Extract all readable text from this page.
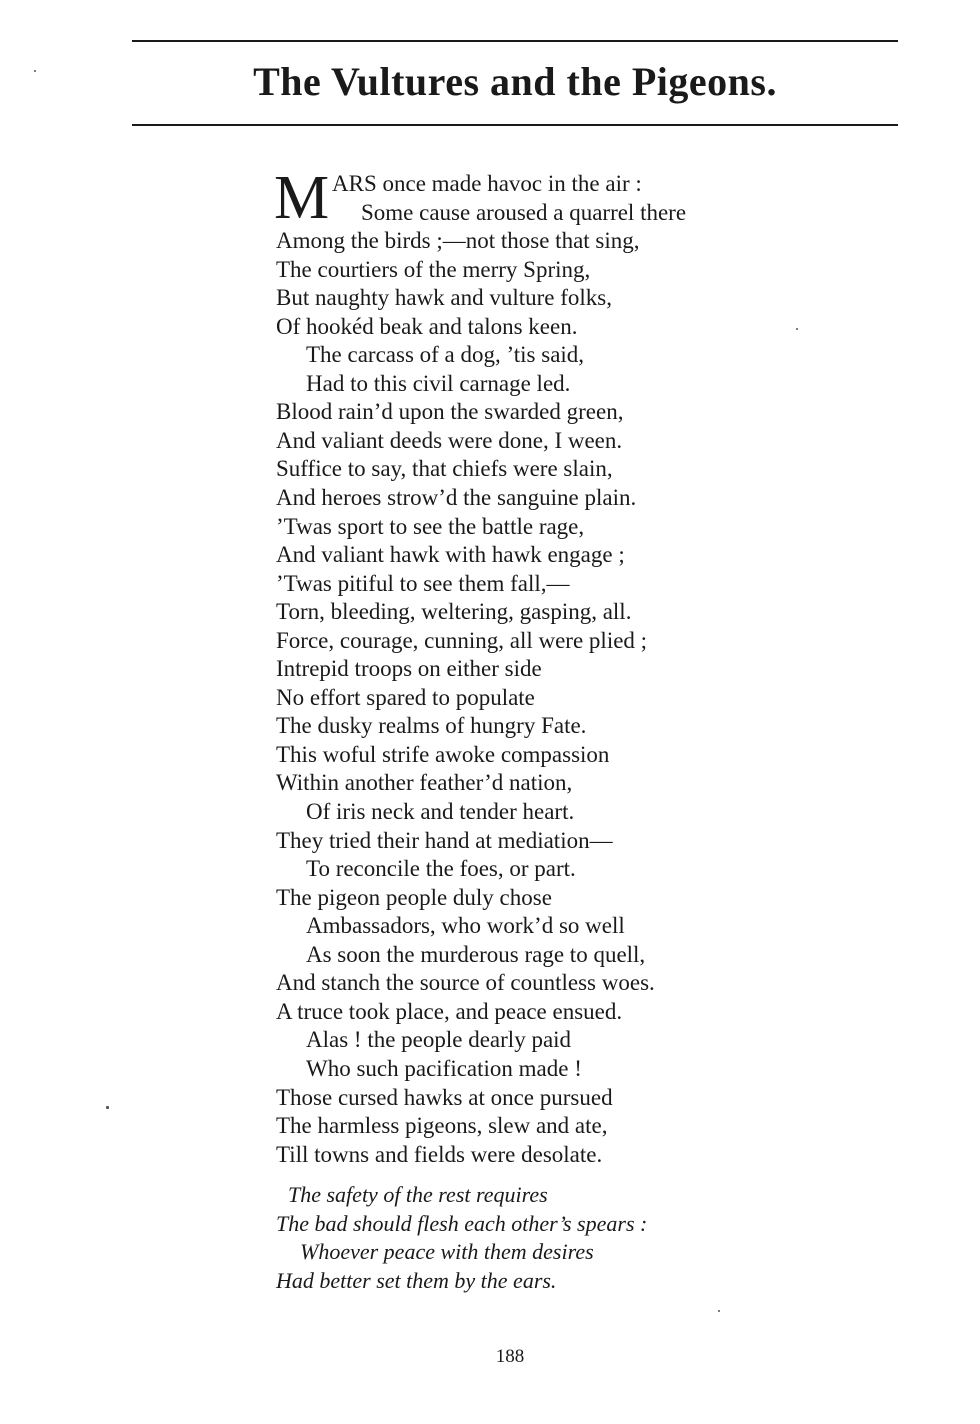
The Vultures and the Pigeons.
M ARS once made havoc in the air :
Some cause aroused a quarrel there
Among the birds ;—not those that sing,
The courtiers of the merry Spring,
But naughty hawk and vulture folks,
Of hookéd beak and talons keen.
The carcass of a dog, ’tis said,
Had to this civil carnage led.
Blood rain’d upon the swarded green,
And valiant deeds were done, I ween.
Suffice to say, that chiefs were slain,
And heroes strow’d the sanguine plain.
’Twas sport to see the battle rage,
And valiant hawk with hawk engage ;
’Twas pitiful to see them fall,—
Torn, bleeding, weltering, gasping, all.
Force, courage, cunning, all were plied ;
Intrepid troops on either side
No effort spared to populate
The dusky realms of hungry Fate.
This woful strife awoke compassion
Within another feather’d nation,
Of iris neck and tender heart.
They tried their hand at mediation—
To reconcile the foes, or part.
The pigeon people duly chose
Ambassadors, who work’d so well
As soon the murderous rage to quell,
And stanch the source of countless woes.
A truce took place, and peace ensued.
Alas ! the people dearly paid
Who such pacification made !
Those cursed hawks at once pursued
The harmless pigeons, slew and ate,
Till towns and fields were desolate.
The safety of the rest requires
The bad should flesh each other’s spears :
Whoever peace with them desires
Had better set them by the ears.
188
